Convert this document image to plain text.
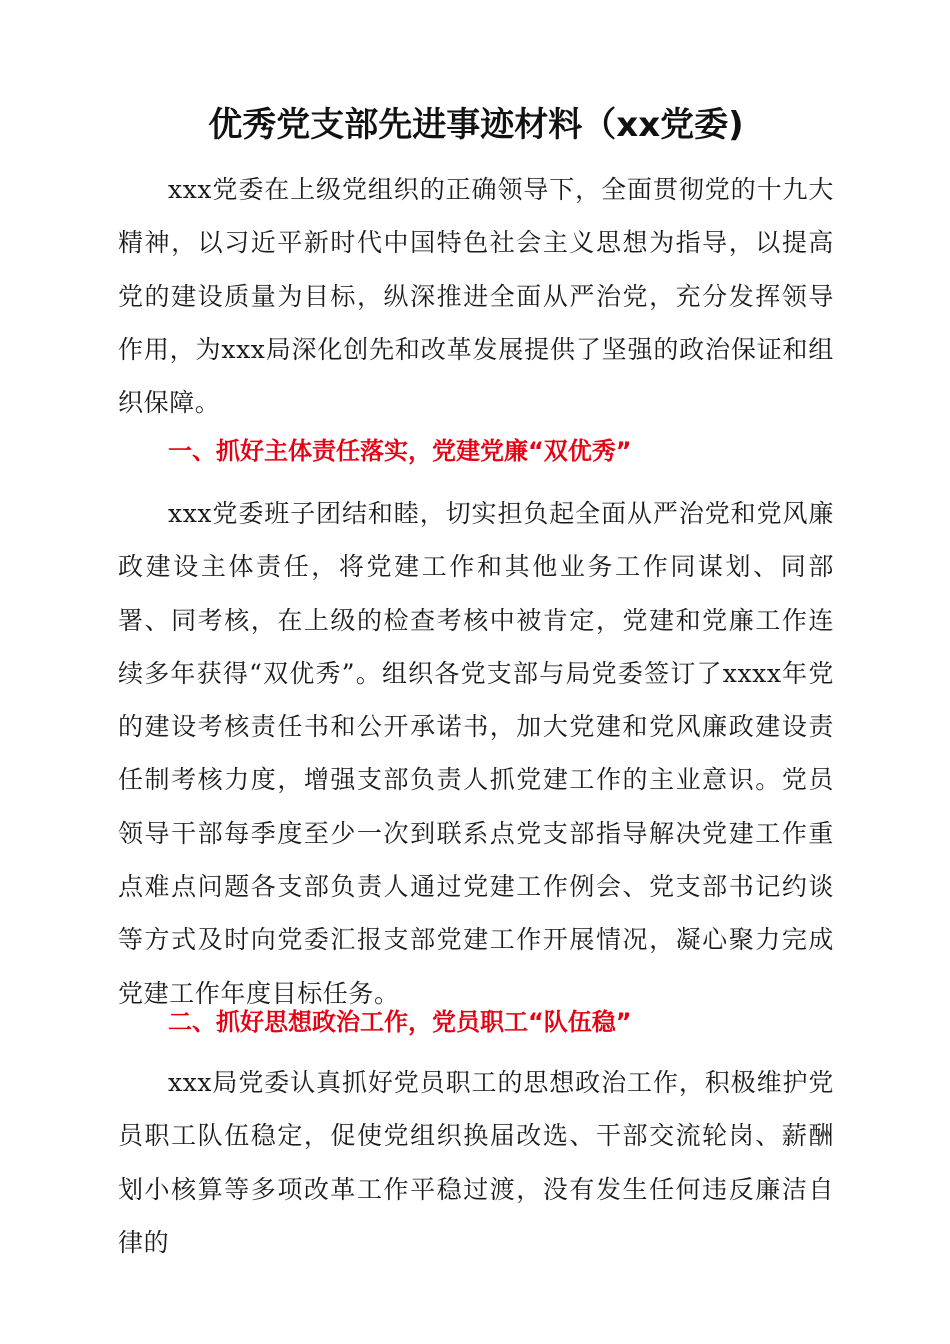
优秀党支部先进事迹材料（xx党委)

xxx党委在上级党组织的正确领导下，全面贯彻党的十九大精神，以习近平新时代中国特色社会主义思想为指导，以提高党的建设质量为目标，纵深推进全面从严治党，充分发挥领导作用，为xxx局深化创先和改革发展提供了坚强的政治保证和组织保障。

一、抓好主体责任落实，党建党廉“双优秀”

xxx党委班子团结和睦，切实担负起全面从严治党和党风廉政建设主体责任，将党建工作和其他业务工作同谋划、同部署、同考核，在上级的检查考核中被肯定，党建和党廉工作连续多年获得“双优秀”。组织各党支部与局党委签订了xxxx年党的建设考核责任书和公开承诺书，加大党建和党风廉政建设责任制考核力度，增强支部负责人抓党建工作的主业意识。党员领导干部每季度至少一次到联系点党支部指导解决党建工作重点难点问题各支部负责人通过党建工作例会、党支部书记约谈等方式及时向党委汇报支部党建工作开展情况，凝心聚力完成党建工作年度目标任务。

二、抓好思想政治工作，党员职工“队伍稳”

xxx局党委认真抓好党员职工的思想政治工作，积极维护党员职工队伍稳定，促使党组织换届改选、干部交流轮岗、薪酬划小核算等多项改革工作平稳过渡，没有发生任何违反廉洁自律的
